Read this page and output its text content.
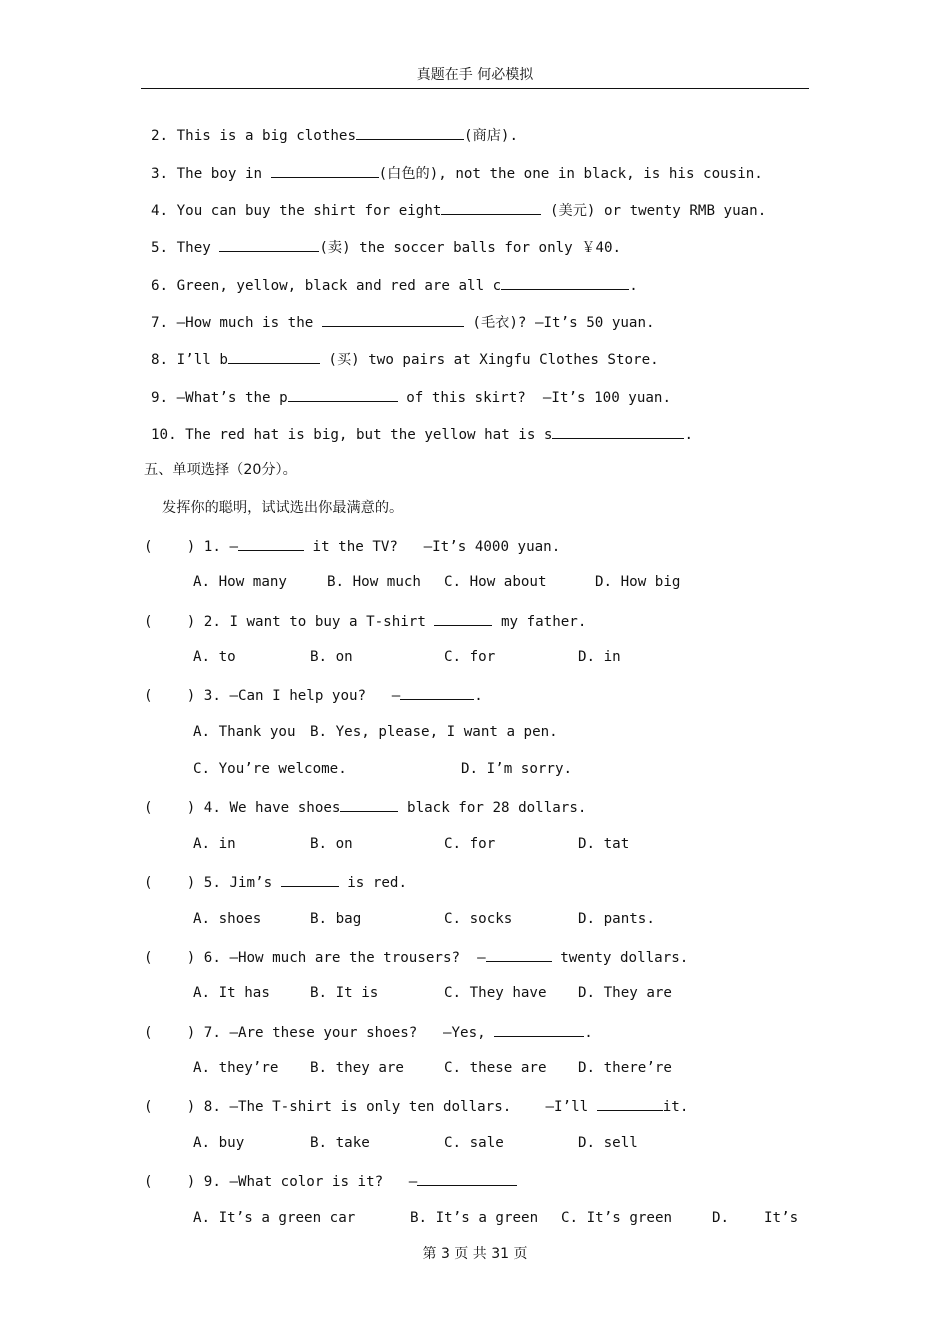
真题在手 何必模拟
2. This is a big clothes	(商店).
3. The boy in	(白色的), not the one in black, is his cousin.
4. You can buy the shirt for eight	(美元) or twenty RMB yuan.
5. They	(卖) the soccer balls for only ￥40.
6. Green, yellow, black and red are all c	.
7. —How much is the	(毛衣)? —It’s 50 yuan.
8. I’ll b	(买) two pairs at Xingfu Clothes Store.
9. —What’s the p	of this skirt?  —It’s 100 yuan.
10. The red hat is big, but the yellow hat is s	.
五、单项选择（20分）。
发挥你的聪明，试试选出你最满意的。
(    ) 1. —	it the TV?   —It’s 4000 yuan.
A. How many	B. How much C. How about	D. How big
(    ) 2. I want to buy a T-shirt	my father.
A. to	B. on	C. for	D. in
(    ) 3. —Can I help you?   —	.
A. Thank you B. Yes, please, I want a pen.
C. You’re welcome.	D. I’m sorry.
(    ) 4. We have shoes	black for 28 dollars.
A. in	B. on	C. for	D. tat
(    ) 5. Jim’s	is red.
A. shoes	B. bag	C. socks	D. pants.
(    ) 6. —How much are the trousers?  —	twenty dollars.
A. It has	B. It is	C. They have D. They are
(    ) 7. —Are these your shoes?   —Yes,	.
A. they’re B. they are	C. these are D. there’re
(    ) 8. —The T-shirt is only ten dollars.    —I’ll	it.
A. buy	B. take	C. sale	D. sell
(    ) 9. —What color is it?   —
A. It’s a green car	B. It’s a green C. It’s green	D. It’s
第 3 页 共 31 页
